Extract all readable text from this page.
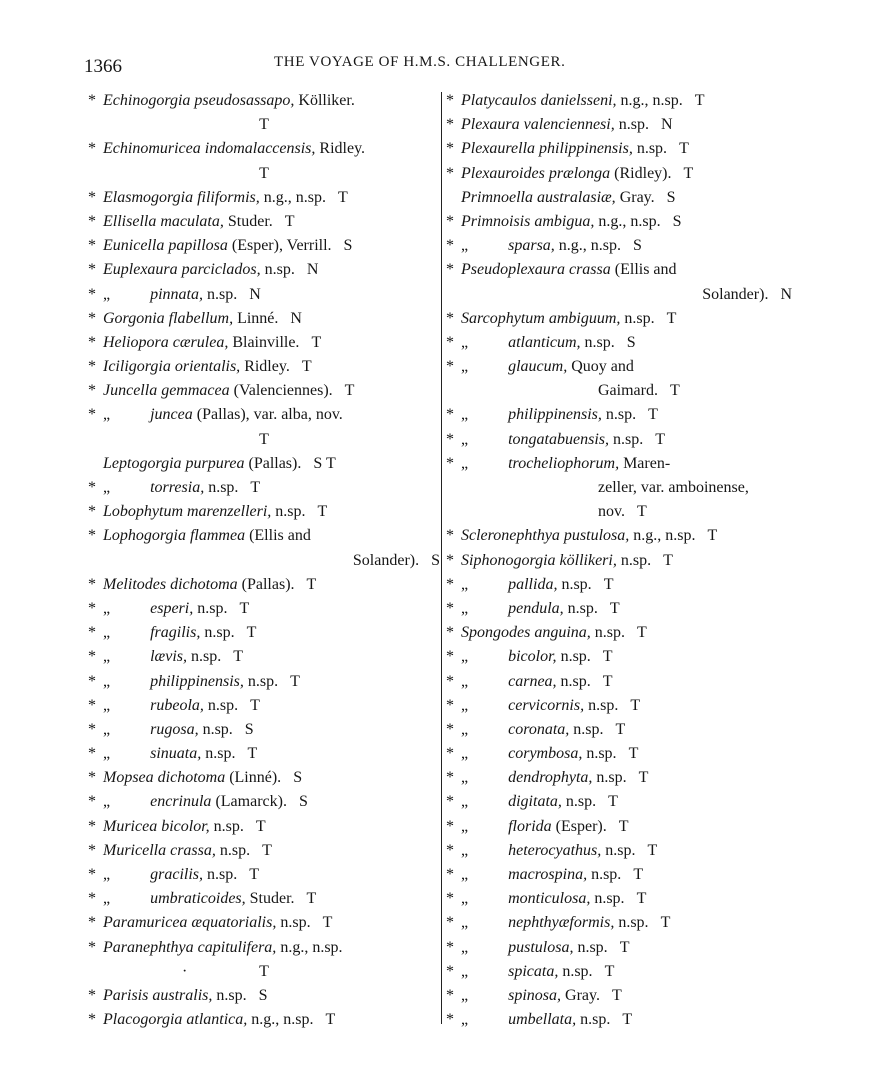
1366	THE VOYAGE OF H.M.S. CHALLENGER.
* Echinogorgia pseudosassapo, Kölliker.
T
* Echinomuricea indomalaccensis, Ridley.
T
* Elasmogorgia filiformis, n.g., n.sp. T
* Ellisella maculata, Studer. T
* Eunicella papillosa (Esper), Verrill. S
* Euplexaura parciclados, n.sp. N
* „	pinnata, n.sp. N
* Gorgonia flabellum, Linné. N
* Heliopora cærulea, Blainville. T
* Iciligorgia orientalis, Ridley. T
* Juncella gemmacea (Valenciennes). T
* „	juncea (Pallas), var. alba, nov.
T
Leptogorgia purpurea (Pallas). S T
* „	torresia, n.sp. T
* Lobophytum marenzelleri, n.sp. T
* Lophogorgia flammea (Ellis and
Solander). S
* Melitodes dichotoma (Pallas). T
* „	esperi, n.sp. T
* „	fragilis, n.sp. T
* „	lævis, n.sp. T
* „	philippinensis, n.sp. T
* „	rubeola, n.sp. T
* „	rugosa, n.sp. S
* „	sinuata, n.sp. T
* Mopsea dichotoma (Linné). S
* „	encrinula (Lamarck). S
* Muricea bicolor, n.sp. T
* Muricella crassa, n.sp. T
* „	gracilis, n.sp. T
* „	umbraticoides, Studer. T
* Paramuricea æquatorialis, n.sp. T
* Paranephthya capitulifera, n.g., n.sp.
T
·
* Parisis australis, n.sp. S
* Placogorgia atlantica, n.g., n.sp. T
* Platycaulos danielsseni, n.g., n.sp. T
* Plexaura valenciennesi, n.sp. N
* Plexaurella philippinensis, n.sp. T
* Plexauroides prælonga (Ridley). T
Primnoella australasiæ, Gray. S
* Primnoisis ambigua, n.g., n.sp. S
* „	sparsa, n.g., n.sp. S
* Pseudoplexaura crassa (Ellis and
Solander). N
* Sarcophytum ambiguum, n.sp. T
* „	atlanticum, n.sp. S
* „	glaucum, Quoy and
Gaimard. T
* „	philippinensis, n.sp. T
* „	tongatabuensis, n.sp. T
* „	trocheliophorum, Maren-
zeller, var. amboinense,
nov. T
* Scleronephthya pustulosa, n.g., n.sp. T
* Siphonogorgia köllikeri, n.sp. T
* „	pallida, n.sp. T
* „	pendula, n.sp. T
* Spongodes anguina, n.sp. T
* „	bicolor, n.sp. T
* „	carnea, n.sp. T
* „	cervicornis, n.sp. T
* „	coronata, n.sp. T
* „	corymbosa, n.sp. T
* „	dendrophyta, n.sp. T
* „	digitata, n.sp. T
* „	florida (Esper). T
* „	heterocyathus, n.sp. T
* „	macrospina, n.sp. T
* „	monticulosa, n.sp. T
* „	nephthyæformis, n.sp. T
* „	pustulosa, n.sp. T
* „	spicata, n.sp. T
* „	spinosa, Gray. T
* „	umbellata, n.sp. T
